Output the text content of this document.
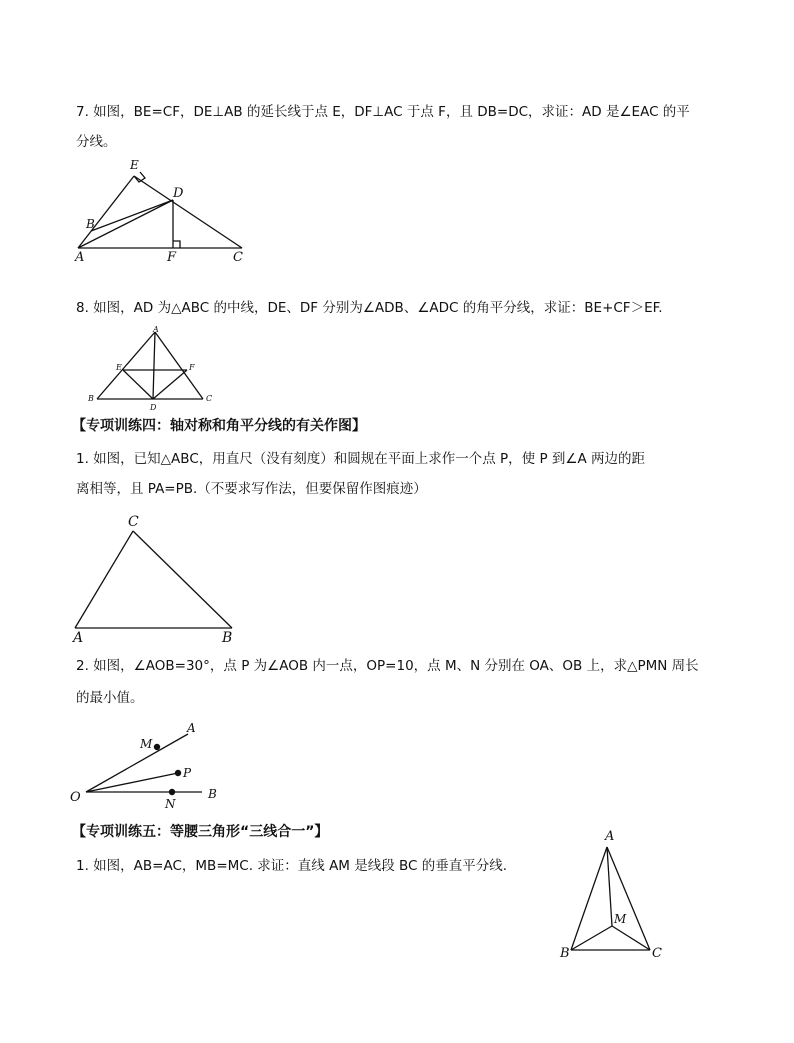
7. 如图，BE=CF，DE⊥AB 的延长线于点 E，DF⊥AC 于点 F，且 DB=DC，求证：AD 是∠EAC 的平
分线。
E
D
B
A	F	C
8. 如图，AD 为△ABC 的中线，DE、DF 分别为∠ADB、∠ADC 的角平分线，求证：BE+CF＞EF.
A
E	F
B
D
C
【专项训练四：轴对称和角平分线的有关作图】
1. 如图，已知△ABC，用直尺（没有刻度）和圆规在平面上求作一个点 P，使 P 到∠A 两边的距
离相等，且 PA=PB.（不要求写作法，但要保留作图痕迹）
C
A	B
2. 如图，∠AOB=30°，点 P 为∠AOB 内一点，OP=10，点 M、N 分别在 OA、OB 上，求△PMN 周长
的最小值。
A
M
P
O	N
B
【专项训练五：等腰三角形“三线合一”】
1. 如图，AB=AC，MB=MC. 求证：直线 AM 是线段 BC 的垂直平分线.
A
M
B	C
